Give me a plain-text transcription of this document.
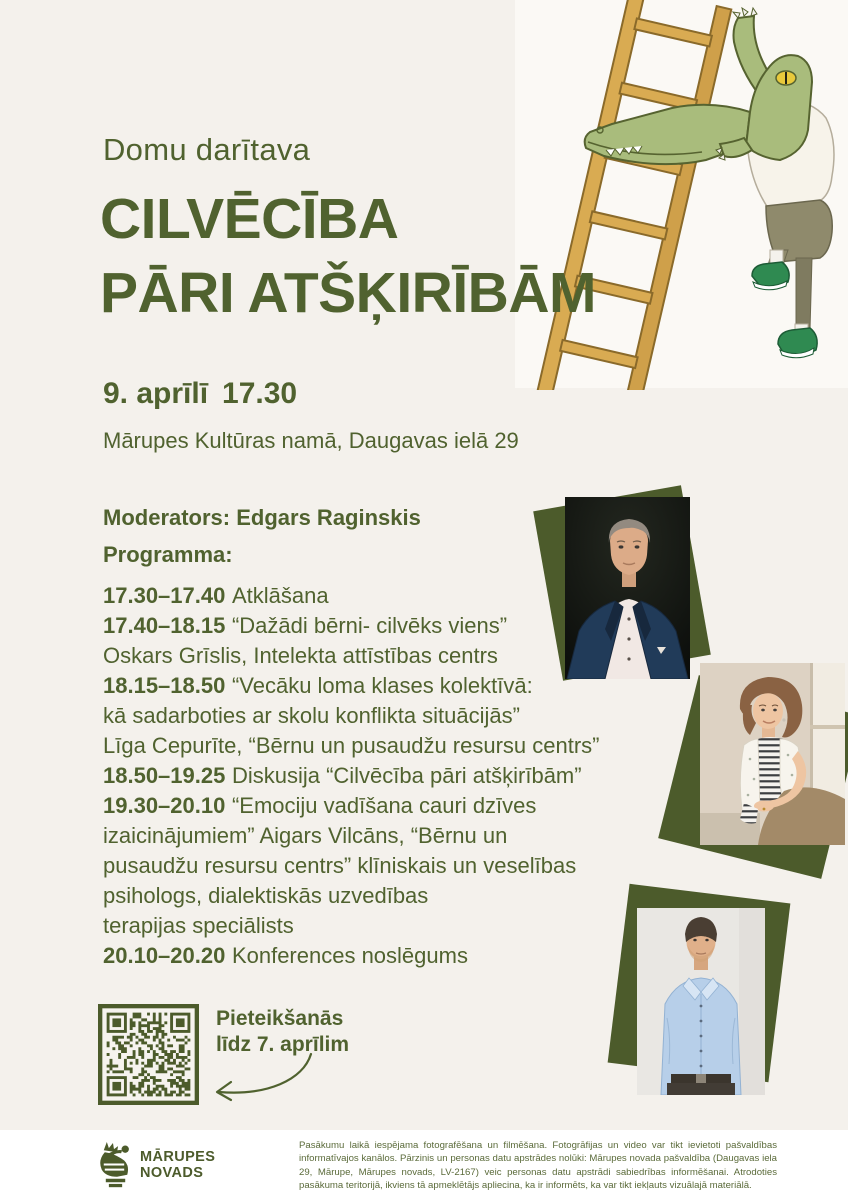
Domu darītava
CILVĒCĪBA
PĀRI ATŠĶIRĪBĀM
9. aprīlī 17.30
Mārupes Kultūras namā, Daugavas ielā 29
Moderators: Edgars Raginskis
Programma:
17.30–17.40 Atklāšana
17.40–18.15 “Dažādi bērni- cilvēks viens”
Oskars Grīslis, Intelekta attīstības centrs
18.15–18.50 “Vecāku loma klases kolektīvā:
kā sadarboties ar skolu konflikta situācijās”
Līga Cepurīte, “Bērnu un pusaudžu resursu centrs”
18.50–19.25 Diskusija “Cilvēcība pāri atšķirībām”
19.30–20.10 “Emociju vadīšana cauri dzīves
izaicinājumiem” Aigars Vilcāns, “Bērnu un
pusaudžu resursu centrs” klīniskais un veselības
psihologs, dialektiskās uzvedības
terapijas speciālists
20.10–20.20 Konferences noslēgums
Pieteikšanās
līdz 7. aprīlim
MĀRUPES
NOVADS
Pasākumu laikā iespējama fotografēšana un filmēšana. Fotogrāfijas un video var tikt ievietoti pašvaldības informatīvajos kanālos. Pārzinis un personas datu apstrādes nolūki: Mārupes novada pašvaldība (Daugavas iela 29, Mārupe, Mārupes novads, LV-2167) veic personas datu apstrādi sabiedrības informēšanai. Atrodoties pasākuma teritorijā, ikviens tā apmeklētājs apliecina, ka ir informēts, ka var tikt iekļauts vizuālajā materiālā.
